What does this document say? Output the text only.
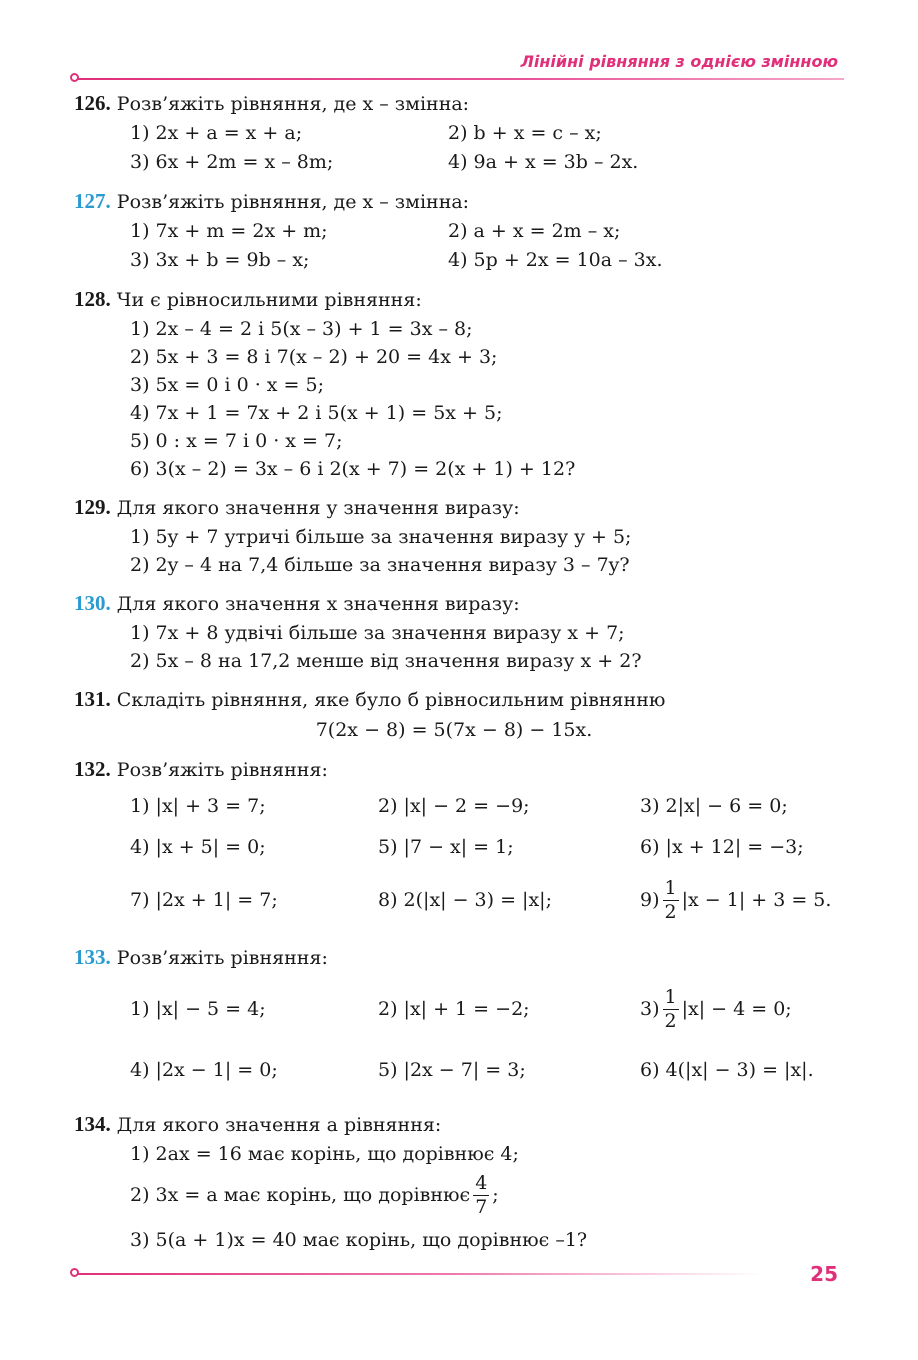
Лінійні рівняння з однією змінною
126. Розв’яжіть рівняння, де x – змінна:
1) 2x + a = x + a;	2) b + x = c – x;
3) 6x + 2m = x – 8m;	4) 9a + x = 3b – 2x.
127. Розв’яжіть рівняння, де x – змінна:
1) 7x + m = 2x + m;	2) a + x = 2m – x;
3) 3x + b = 9b – x;	4) 5p + 2x = 10a – 3x.
128. Чи є рівносильними рівняння:
1) 2x – 4 = 2 і 5(x – 3) + 1 = 3x – 8;
2) 5x + 3 = 8 і 7(x – 2) + 20 = 4x + 3;
3) 5x = 0 і 0 · x = 5;
4) 7x + 1 = 7x + 2 і 5(x + 1) = 5x + 5;
5) 0 : x = 7 і 0 · x = 7;
6) 3(x – 2) = 3x – 6 і 2(x + 7) = 2(x + 1) + 12?
129. Для якого значення y значення виразу:
1) 5y + 7 утричі більше за значення виразу y + 5;
2) 2y – 4 на 7,4 більше за значення виразу 3 – 7y?
130. Для якого значення x значення виразу:
1) 7x + 8 удвічі більше за значення виразу x + 7;
2) 5x – 8 на 17,2 менше від значення виразу x + 2?
131. Складіть рівняння, яке було б рівносильним рівнянню
7(2x − 8) = 5(7x − 8) − 15x.
132. Розв’яжіть рівняння:
1) |x| + 3 = 7;	2) |x| − 2 = −9;	3) 2|x| − 6 = 0;
4) |x + 5| = 0;	5) |7 − x| = 1;	6) |x + 12| = −3;
7) |2x + 1| = 7;	8) 2(|x| − 3) = |x|;	$9) \frac{1}{2} |x - 1| + 3 = 5$.
133. Розв’яжіть рівняння:
1) |x| − 5 = 4;	2) |x| + 1 = −2;	$3) \frac{1}{2} |x| - 4 = 0$;
4) |2x − 1| = 0;	5) |2x − 7| = 3;	6) 4(|x| − 3) = |x|.
134. Для якого значення a рівняння:
1) 2ax = 16 має корінь, що дорівнює 4;
2) 3x = a має корінь, що дорівнює $\frac{4}{7}$ ;
3) 5(a + 1)x = 40 має корінь, що дорівнює –1?
25
